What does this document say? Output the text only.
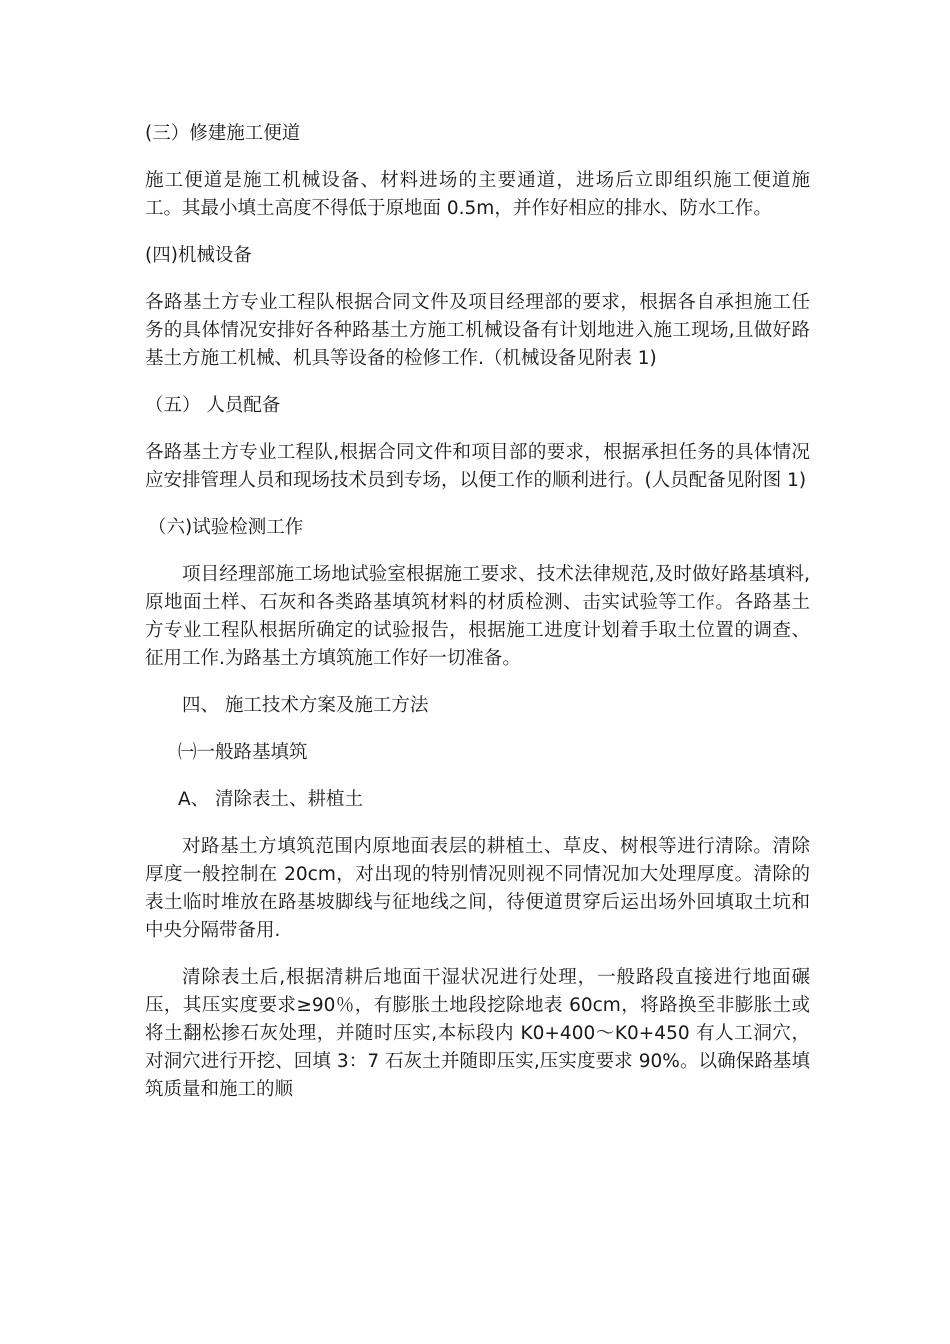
(三）修建施工便道
施工便道是施工机械设备、材料进场的主要通道，进场后立即组织施工便道施工。其最小填土高度不得低于原地面 0.5m，并作好相应的排水、防水工作。
(四)机械设备
各路基土方专业工程队根据合同文件及项目经理部的要求，根据各自承担施工任务的具体情况安排好各种路基土方施工机械设备有计划地进入施工现场,且做好路基土方施工机械、机具等设备的检修工作.（机械设备见附表 1)
（五） 人员配备
各路基土方专业工程队,根据合同文件和项目部的要求，根据承担任务的具体情况应安排管理人员和现场技术员到专场，以便工作的顺利进行。(人员配备见附图 1)
（六)试验检测工作
项目经理部施工场地试验室根据施工要求、技术法律规范,及时做好路基填料,原地面土样、石灰和各类路基填筑材料的材质检测、击实试验等工作。各路基土方专业工程队根据所确定的试验报告，根据施工进度计划着手取土位置的调查、征用工作.为路基土方填筑施工作好一切准备。
四、 施工技术方案及施工方法
㈠一般路基填筑
A、 清除表土、耕植土
对路基土方填筑范围内原地面表层的耕植土、草皮、树根等进行清除。清除厚度一般控制在 20cm，对出现的特别情况则视不同情况加大处理厚度。清除的表土临时堆放在路基坡脚线与征地线之间，待便道贯穿后运出场外回填取土坑和中央分隔带备用.
清除表土后,根据清耕后地面干湿状况进行处理，一般路段直接进行地面碾压，其压实度要求≥90％，有膨胀土地段挖除地表 60cm，将路换至非膨胀土或将土翻松掺石灰处理，并随时压实,本标段内 K0+400～K0+450 有人工洞穴，对洞穴进行开挖、回填 3：7 石灰土并随即压实,压实度要求 90%。以确保路基填筑质量和施工的顺
